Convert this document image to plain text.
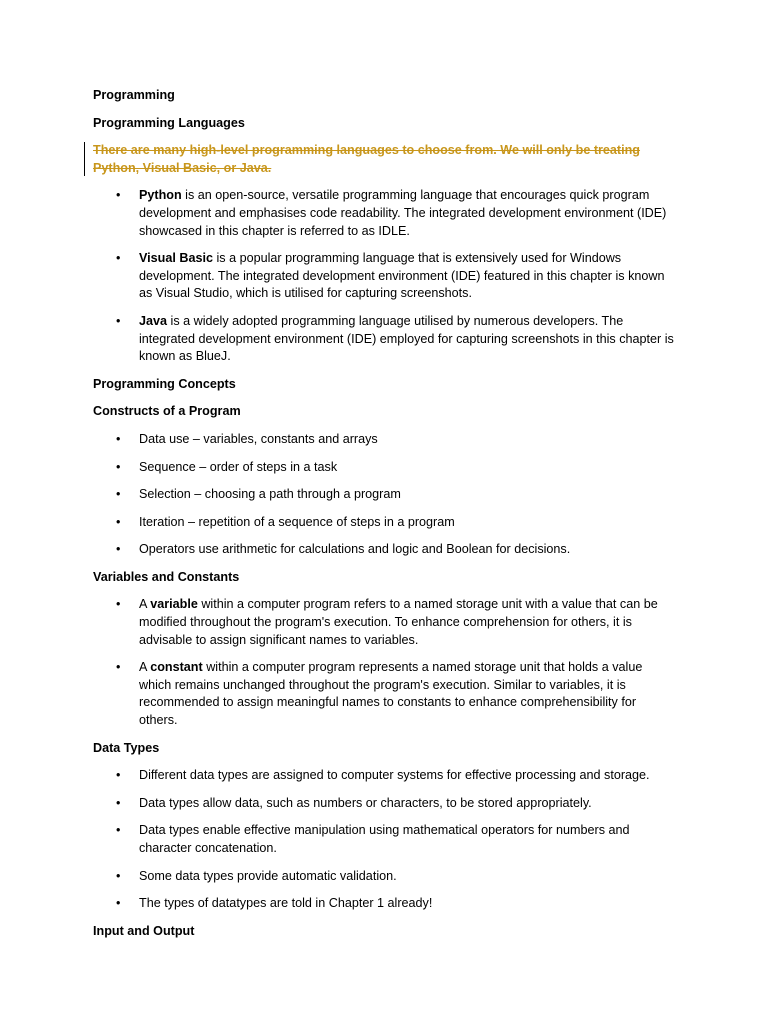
Programming

Programming Languages

There are many high-level programming languages to choose from. We will only be treating Python, Visual Basic, or Java.

• Python is an open-source, versatile programming language that encourages quick program development and emphasises code readability. The integrated development environment (IDE) showcased in this chapter is referred to as IDLE.
• Visual Basic is a popular programming language that is extensively used for Windows development. The integrated development environment (IDE) featured in this chapter is known as Visual Studio, which is utilised for capturing screenshots.
• Java is a widely adopted programming language utilised by numerous developers. The integrated development environment (IDE) employed for capturing screenshots in this chapter is known as BlueJ.

Programming Concepts

Constructs of a Program

• Data use – variables, constants and arrays
• Sequence – order of steps in a task
• Selection – choosing a path through a program
• Iteration – repetition of a sequence of steps in a program
• Operators use arithmetic for calculations and logic and Boolean for decisions.

Variables and Constants

• A variable within a computer program refers to a named storage unit with a value that can be modified throughout the program's execution. To enhance comprehension for others, it is advisable to assign significant names to variables.
• A constant within a computer program represents a named storage unit that holds a value which remains unchanged throughout the program's execution. Similar to variables, it is recommended to assign meaningful names to constants to enhance comprehensibility for others.

Data Types

• Different data types are assigned to computer systems for effective processing and storage.
• Data types allow data, such as numbers or characters, to be stored appropriately.
• Data types enable effective manipulation using mathematical operators for numbers and character concatenation.
• Some data types provide automatic validation.
• The types of datatypes are told in Chapter 1 already!

Input and Output
